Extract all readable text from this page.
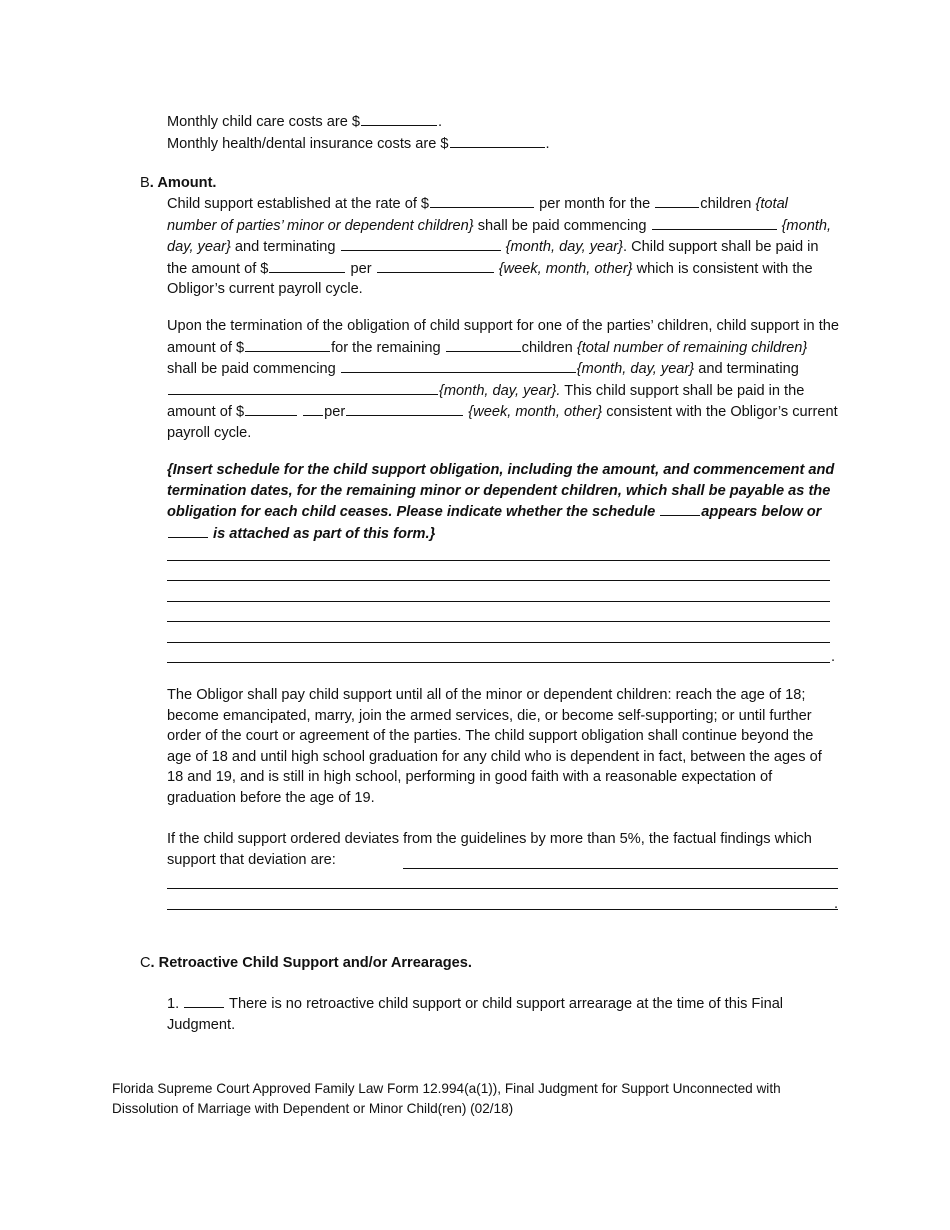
Monthly child care costs are $	.
Monthly health/dental insurance costs are $	.

B. Amount.

Child support established at the rate of $	per month for the	children {total number of parties’ minor or dependent children} shall be paid commencing	{month, day, year} and terminating	{month, day, year}. Child support shall be paid in the amount of $	per	{week, month, other} which is consistent with the Obligor’s current payroll cycle.

Upon the termination of the obligation of child support for one of the parties’ children, child support in the amount of $	for the remaining	children {total number of remaining children} shall be paid commencing	{month, day, year} and terminating{month, day, year}. This child support shall be paid in the amount of $	per	{week, month, other} consistent with the Obligor’s current payroll cycle.

{Insert schedule for the child support obligation, including the amount, and commencement and termination dates, for the remaining minor or dependent children, which shall be payable as the obligation for each child ceases. Please indicate whether the schedule	appears below or  is attached as part of this form.}

.

The Obligor shall pay child support until all of the minor or dependent children: reach the age of 18; become emancipated, marry, join the armed services, die, or become self-supporting; or until further order of the court or agreement of the parties. The child support obligation shall continue beyond the age of 18 and until high school graduation for any child who is dependent in fact, between the ages of 18 and 19, and is still in high school, performing in good faith with a reasonable expectation of graduation before the age of 19.

If the child support ordered deviates from the guidelines by more than 5%, the factual findings which support that deviation are:

.
C. Retroactive Child Support and/or Arrearages.

1.	There is no retroactive child support or child support arrearage at the time of this Final Judgment.

Florida Supreme Court Approved Family Law Form 12.994(a(1)), Final Judgment for Support Unconnected with Dissolution of Marriage with Dependent or Minor Child(ren) (02/18)
